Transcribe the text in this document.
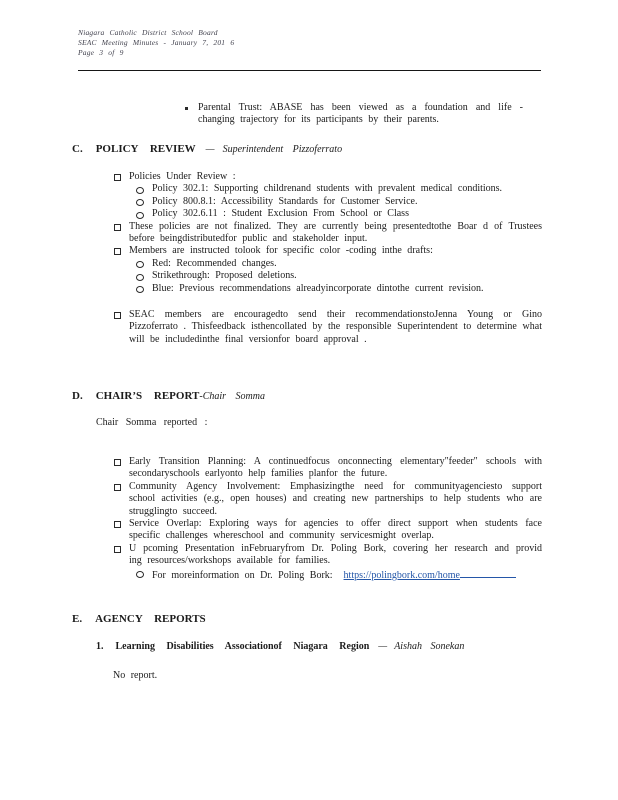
Niagara Catholic District School Board
SEAC Meeting Minutes - January 7, 201 6
Page 3 of 9
Parental Trust: ABASE has been viewed as a foundation and life -changing trajectory for its participants by their parents.
C. POLICY REVIEW — Superintendent Pizzoferrato
Policies Under Review :
Policy 302.1: Supporting childrenand students with prevalent medical conditions.
Policy 800.8.1: Accessibility Standards for Customer Service.
Policy 302.6.11 : Student Exclusion From School or Class
These policies are not finalized. They are currently being presentedtothe Boar d of Trustees before beingdistributedfor public and stakeholder input.
Members are instructed tolook for specific color -coding inthe drafts:
Red: Recommended changes.
Strikethrough: Proposed deletions.
Blue: Previous recommendations alreadyincorporate dintothe current revision.
SEAC members are encouragedto send their recommendationstoJenna Young or Gino Pizzoferrato . Thisfeedback isthencollated by the responsible Superintendent to determine what will be includedinthe final versionfor board approval .
D. CHAIR’S REPORT-Chair Somma
Chair Somma reported :
Early Transition Planning: A continuedfocus onconnecting elementary"feeder" schools with secondaryschools earlyonto help families planfor the future.
Community Agency Involvement: Emphasizingthe need for communityagenciesto support school activities (e.g., open houses) and creating new partnerships to help students who are strugglingto succeed.
Service Overlap: Exploring ways for agencies to offer direct support when students face specific challenges whereschool and community servicesmight overlap.
U pcoming Presentation inFebruaryfrom Dr. Poling Bork, covering her research and provid ing resources/workshops available for families.
For moreinformation on Dr. Poling Bork: https://polingbork.com/home
E. AGENCY REPORTS
1. Learning Disabilities Associationof Niagara Region — Aishah Sonekan
No report.
